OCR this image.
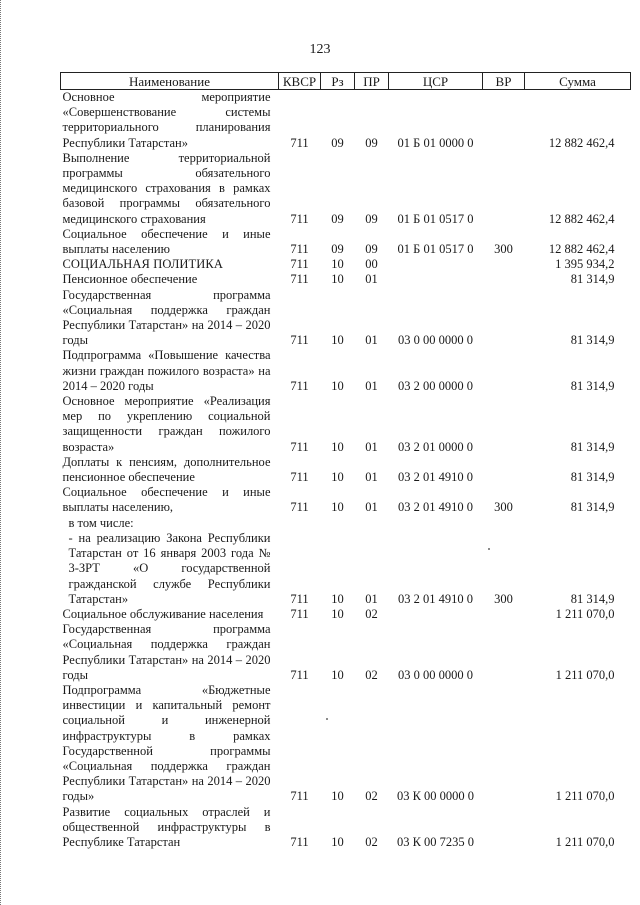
123
Наименование	КВСР	Рз	ПР	ЦСР	ВР	Сумма
Основное мероприятие «Совершенствование системы территориального планирования Республики Татарстан»	711	09	09	01 Б 01 0000 0		12 882 462,4
Выполнение территориальной программы обязательного медицинского страхования в рамках базовой программы обязательного медицинского страхования	711	09	09	01 Б 01 0517 0		12 882 462,4
Социальное обеспечение и иные выплаты населению	711	09	09	01 Б 01 0517 0	300	12 882 462,4
СОЦИАЛЬНАЯ ПОЛИТИКА	711	10	00			1 395 934,2
Пенсионное обеспечение	711	10	01			81 314,9
Государственная программа «Социальная поддержка граждан Республики Татарстан» на 2014 – 2020 годы	711	10	01	03 0 00 0000 0		81 314,9
Подпрограмма «Повышение качества жизни граждан пожилого возраста» на 2014 – 2020 годы	711	10	01	03 2 00 0000 0		81 314,9
Основное мероприятие «Реализация мер по укреплению социальной защищенности граждан пожилого возраста»	711	10	01	03 2 01 0000 0		81 314,9
Доплаты к пенсиям, дополнительное пенсионное обеспечение	711	10	01	03 2 01 4910 0		81 314,9
Социальное обеспечение и иные выплаты населению,	711	10	01	03 2 01 4910 0	300	81 314,9
в том числе:						
- на реализацию Закона Республики Татарстан от 16 января 2003 года № 3-ЗРТ «О государственной гражданской службе Республики Татарстан»	711	10	01	03 2 01 4910 0	300	81 314,9
Социальное обслуживание населения	711	10	02			1 211 070,0
Государственная программа «Социальная поддержка граждан Республики Татарстан» на 2014 – 2020 годы	711	10	02	03 0 00 0000 0		1 211 070,0
Подпрограмма «Бюджетные инвестиции и капитальный ремонт социальной и инженерной инфраструктуры в рамках Государственной программы «Социальная поддержка граждан Республики Татарстан» на 2014 – 2020 годы»	711	10	02	03 К 00 0000 0		1 211 070,0
Развитие социальных отраслей и общественной инфраструктуры в Республике Татарстан	711	10	02	03 К 00 7235 0		1 211 070,0
